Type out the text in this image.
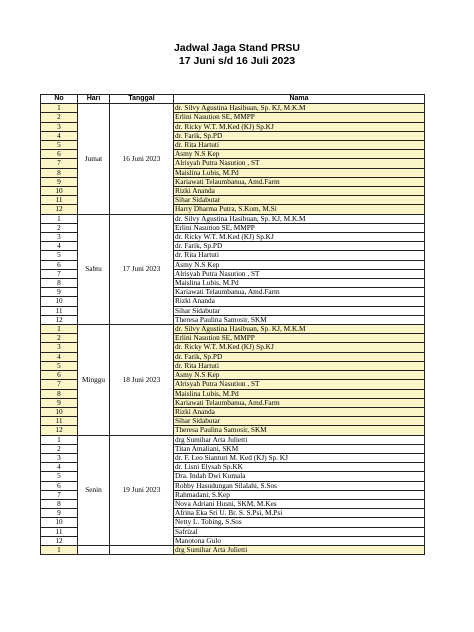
Jadwal Jaga Stand PRSU
17 Juni s/d 16 Juli 2023
No	Hari	Tanggal	Nama
1	Jumat	16 Juni 2023	dr. Silvy Agustina Hasibuan, Sp. KJ, M.K.M
2			Erlini Nasution SE, MMPP
3			dr. Ricky W.T. M.Ked (KJ) Sp.KJ
4			dr. Farik, Sp.PD
5			dr. Rita Hartuti
6			Asmy N.S Kep
7			Alrisyah Putra Nasution , ST
8			Maislina Lubis, M.Pd
9			Kariawati Telaumbanua, Amd.Farm
10			Rizki Ananda
11			Sihar Sidabutar
12			Harry Dharma Putra, S.Kom, M.Si
1	Sabtu	17 Juni 2023	dr. Silvy Agustina Hasibuan, Sp. KJ, M.K.M
2			Erlini Nasution SE, MMPP
3			dr. Ricky W.T. M.Ked (KJ) Sp.KJ
4			dr. Farik, Sp.PD
5			dr. Rita Hartuti
6			Asmy N.S Kep
7			Alrisyah Putra Nasution , ST
8			Maislina Lubis, M.Pd
9			Kariawati Telaumbanua, Amd.Farm
10			Rizki Ananda
11			Sihar Sidabutar
12			Theresa Paulina Samosir, SKM
1	Minggu	18 Juni 2023	dr. Silvy Agustina Hasibuan, Sp. KJ, M.K.M
2			Erlini Nasution SE, MMPP
3			dr. Ricky W.T. M.Ked (KJ) Sp.KJ
4			dr. Farik, Sp.PD
5			dr. Rita Hartuti
6			Asmy N.S Kep
7			Alrisyah Putra Nasution , ST
8			Maislina Lubis, M.Pd
9			Kariawati Telaumbanua, Amd.Farm
10			Rizki Ananda
11			Sihar Sidabutar
12			Theresa Paulina Samosir, SKM
1	Senin	19 Juni 2023	drg Sumihar Arta Julietti
2			Titan Amaliani, SKM
3			dr. F. Leo Sianturi M. Ked (KJ) Sp. KJ
4			dr. Lisni Elysah Sp.KK
5			Dra. Indah Dwi Kumala
6			Robby Hasudungan Silalahi, S.Sos
7			Rahmadani, S.Kep
8			Nova Adriani Husni, SKM, M.Kes
9			Afrina Eka Sri U. Br. S. S.Psi, M.Psi
10			Netty L. Tobing, S.Sos
11			Safrizal
12			Manotona Gulo
1			drg Sumihar Arta Julietti
